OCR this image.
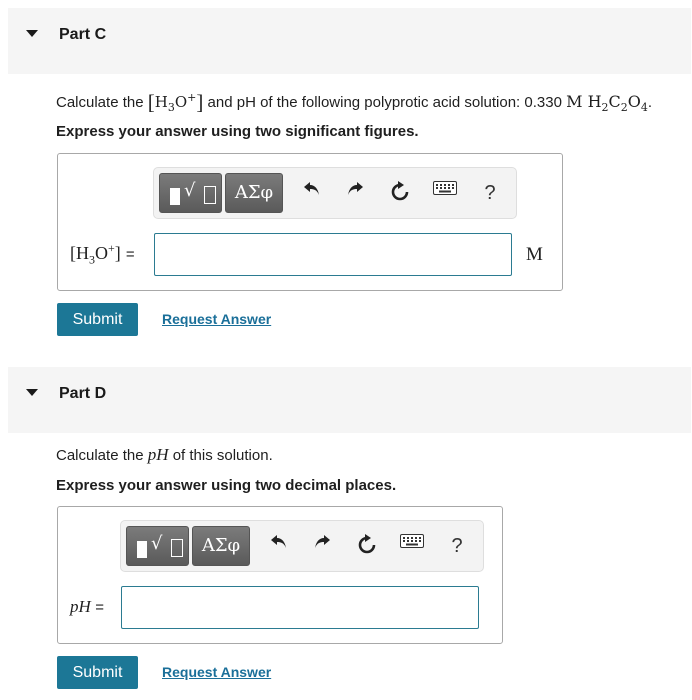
Part C
Calculate the $[H_3O^+]$ and pH of the following polyprotic acid solution: 0.330 M $H_2C_2O_4$.
Express your answer using two significant figures.
√	ΑΣφ	?
$[H_3O^+]$ =	M
Submit	Request Answer
Part D
Calculate the pH of this solution.
Express your answer using two decimal places.
√	ΑΣφ	?
pH =
Submit	Request Answer
